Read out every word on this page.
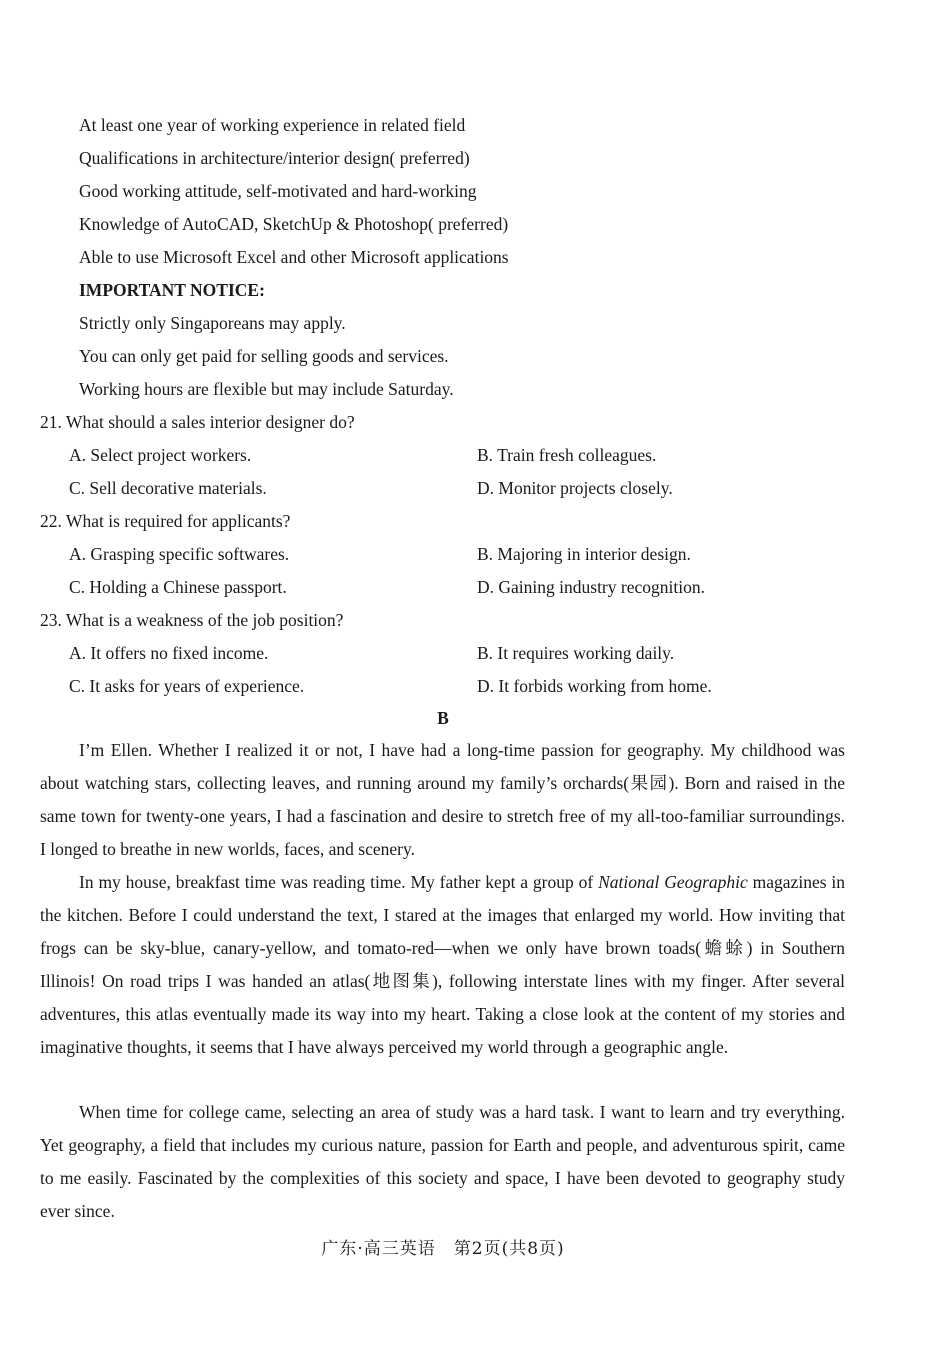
At least one year of working experience in related field
Qualifications in architecture/interior design( preferred)
Good working attitude, self-motivated and hard-working
Knowledge of AutoCAD, SketchUp & Photoshop( preferred)
Able to use Microsoft Excel and other Microsoft applications
IMPORTANT NOTICE:
Strictly only Singaporeans may apply.
You can only get paid for selling goods and services.
Working hours are flexible but may include Saturday.
21. What should a sales interior designer do?
A. Select project workers.	B. Train fresh colleagues.
C. Sell decorative materials.	D. Monitor projects closely.
22. What is required for applicants?
A. Grasping specific softwares.	B. Majoring in interior design.
C. Holding a Chinese passport.	D. Gaining industry recognition.
23. What is a weakness of the job position?
A. It offers no fixed income.	B. It requires working daily.
C. It asks for years of experience.	D. It forbids working from home.
B
I’m Ellen. Whether I realized it or not, I have had a long-time passion for geography. My childhood was about watching stars, collecting leaves, and running around my family’s orchards(果园). Born and raised in the same town for twenty-one years, I had a fascination and desire to stretch free of my all-too-familiar surroundings. I longed to breathe in new worlds, faces, and scenery.
In my house, breakfast time was reading time. My father kept a group of National Geographic magazines in the kitchen. Before I could understand the text, I stared at the images that enlarged my world. How inviting that frogs can be sky-blue, canary-yellow, and tomato-red—when we only have brown toads(蟾蜍) in Southern Illinois! On road trips I was handed an atlas(地图集), following interstate lines with my finger. After several adventures, this atlas eventually made its way into my heart. Taking a close look at the content of my stories and imaginative thoughts, it seems that I have always perceived my world through a geographic angle.
When time for college came, selecting an area of study was a hard task. I want to learn and try everything. Yet geography, a field that includes my curious nature, passion for Earth and people, and adventurous spirit, came to me easily. Fascinated by the complexities of this society and space, I have been devoted to geography study ever since.
广东·高三英语　第2页(共8页)
